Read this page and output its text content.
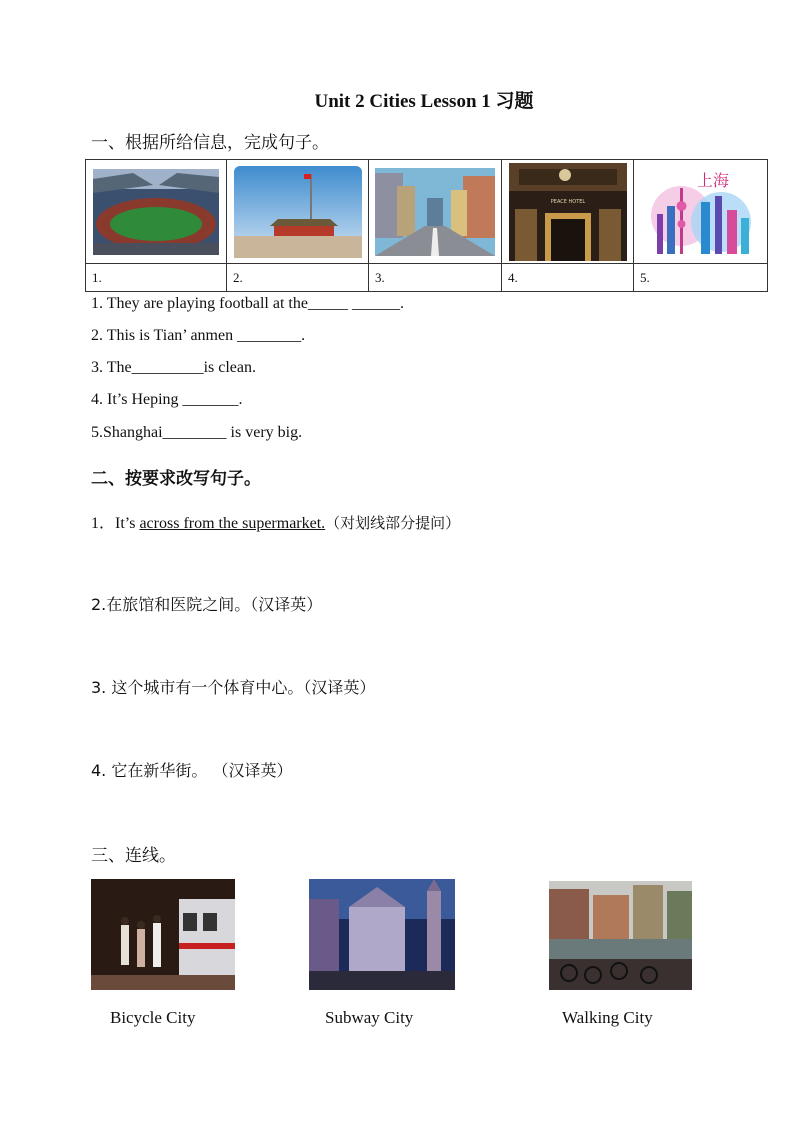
Unit 2 Cities Lesson 1 习题
一、根据所给信息，完成句子。

PEACE HOTEL	上海

1.	2.	3.	4.	5.
1. They are playing football at the_____ ______.
2. This is Tian’ anmen ________.
3. The_________is clean.
4. It’s Heping _______.
5.Shanghai________ is very big.
二、按要求改写句子。
1．It’s across from the supermarket.（对划线部分提问）
2.在旅馆和医院之间。（汉译英）
3. 这个城市有一个体育中心。（汉译英）
4. 它在新华街。 （汉译英）
三、连线。
Bicycle City	Subway City	Walking City
